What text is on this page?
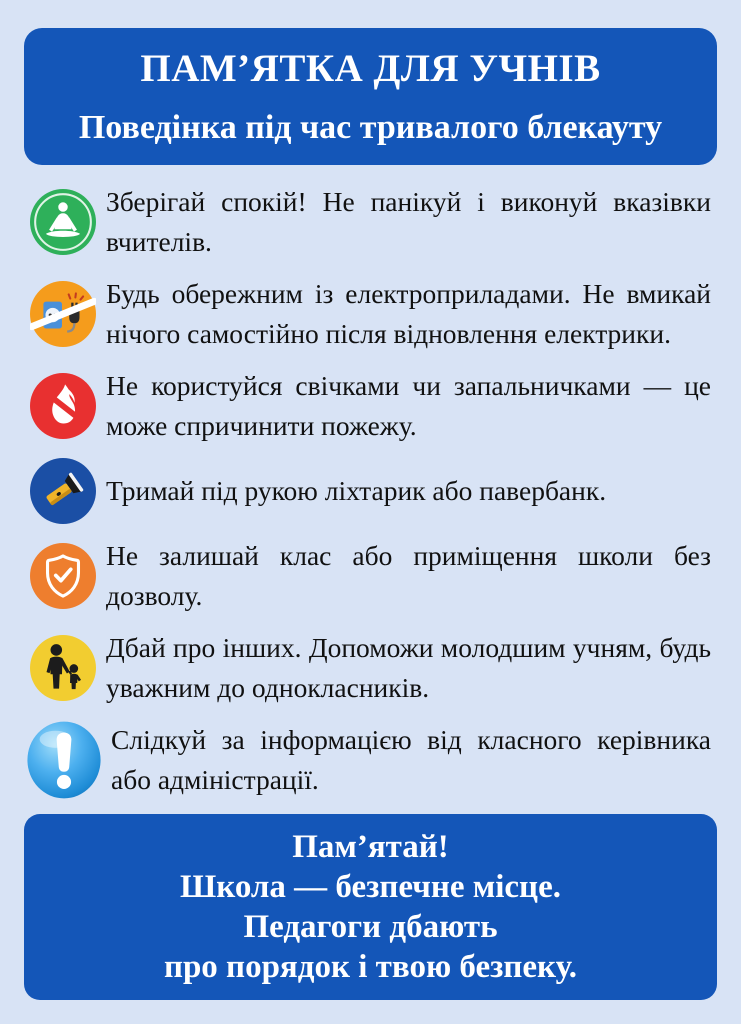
ПАМ’ЯТКА ДЛЯ УЧНІВ
Поведінка під час тривалого блекауту

Зберігай спокій! Не панікуй і виконуй вказівки вчителів.

Будь обережним із електроприладами. Не вмикай нічого самостійно після відновлення електрики.

Не користуйся свічками чи запальничками — це може спричинити пожежу.

Тримай під рукою ліхтарик або павербанк.

Не залишай клас або приміщення школи без дозволу.

Дбай про інших. Допоможи молодшим учням, будь уважним до однокласників.

Слідкуй за інформацією від класного керівника або адміністрації.

Пам’ятай!

Школа — безпечне місце.

Педагоги дбають

про порядок і твою безпеку.
